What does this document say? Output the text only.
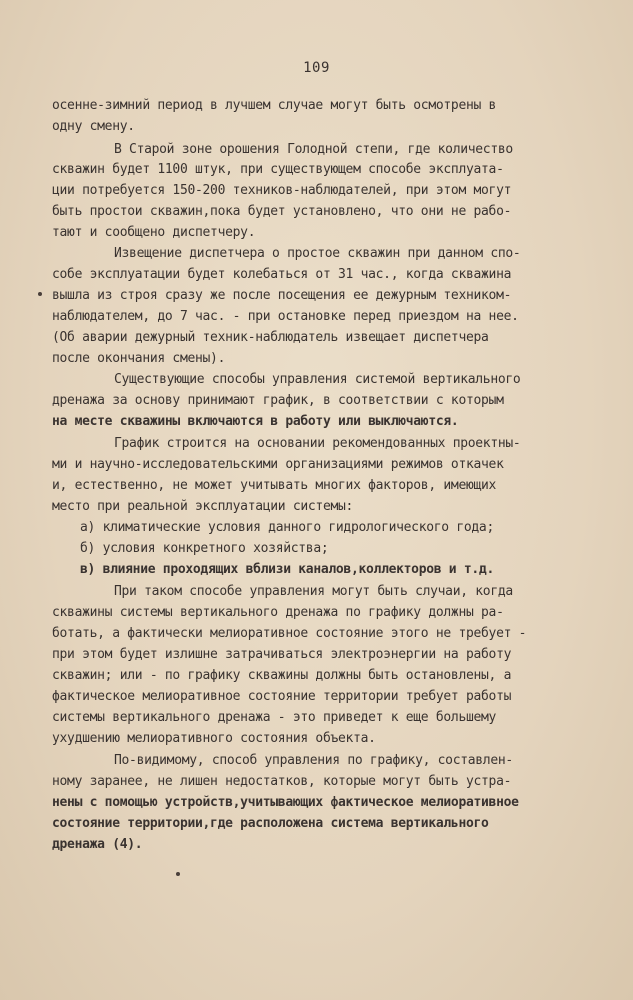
109
осенне-зимний период в лучшем случае могут быть осмотрены в
одну смену.
В Старой зоне орошения Голодной степи, где количество
скважин будет 1100 штук, при существующем способе эксплуата-
ции потребуется 150-200 техников-наблюдателей, при этом могут
быть простои скважин,пока будет установлено, что они не рабо-
тают и сообщено диспетчеру.
Извещение диспетчера о простое скважин при данном спо-
собе эксплуатации будет колебаться от 31 час., когда скважина
вышла из строя сразу же после посещения ее дежурным техником-
наблюдателем, до 7 час. - при остановке перед приездом на нее.
(Об аварии дежурный техник-наблюдатель извещает диспетчера
после окончания смены).
Существующие способы управления системой вертикального
дренажа за основу принимают график, в соответствии с которым
на месте скважины включаются в работу или выключаются.
График строится на основании рекомендованных проектны-
ми и научно-исследовательскими организациями режимов откачек
и, естественно, не может учитывать многих факторов, имеющих
место при реальной эксплуатации системы:
а) климатические условия данного гидрологического года;
б) условия конкретного хозяйства;
в) влияние проходящих вблизи каналов,коллекторов и т.д.
При таком способе управления могут быть случаи, когда
скважины системы вертикального дренажа по графику должны ра-
ботать, а фактически мелиоративное состояние этого не требует -
при этом будет излишне затрачиваться электроэнергии на работу
скважин; или - по графику скважины должны быть остановлены, а
фактическое мелиоративное состояние территории требует работы
системы вертикального дренажа - это приведет к еще большему
ухудшению мелиоративного состояния объекта.
По-видимому, способ управления по графику, составлен-
ному заранее, не лишен недостатков, которые могут быть устра-
нены с помощью устройств,учитывающих фактическое мелиоративное
состояние территории,где расположена система вертикального
дренажа (4).
